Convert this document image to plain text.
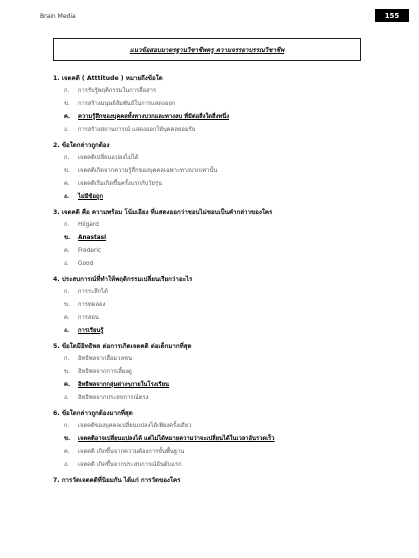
Brain Media	155
แนวข้อสอบมาตรฐานวิชาชีพครู ความจรรยาบรรณวิชาชีพ
1. เจตคติ ( Atttitude ) หมายถึงข้อใด
ก. การรับรู้พฤติกรรมในการสื่อสาร
ข. การสร้างมนุษย์สัมพันธ์ในการแสดงออก
ค. ความรู้สึกของบุคคลทั้งทางบวกและทางลบ ที่มีต่อสิ่งใดสิ่งหนึ่ง
ง. การสร้างสถานการณ์ แสดงออกให้บุคคลยอมรับ
2. ข้อใดกล่าวถูกต้อง
ก. เจตคติเปลี่ยนแปลงไม่ได้
ข. เจตคติเกิดจากความรู้สึกของบุคคลเฉพาะทางบวกเท่านั้น
ค. เจตคติเริ่มเกิดขึ้นครั้งแรกกับวัยรุ่น
ง. ไม่มีข้อถูก
3. เจตคติ คือ ความพร้อม โน้มเอียง ที่แสดงออกว่าชอบไม่ชอบเป็นคำกล่าวของใคร
ก. Hilgard
ข. Anastasi
ค. Frederic
ง. Good
4. ประสบการณ์ที่ทำให้พฤติกรรมเปลี่ยนเรียกว่าอะไร
ก. การระลึกได้
ข. การทดลอง
ค. การสอน
ง. การเรียนรู้
5. ข้อใดมีอิทธิพล ต่อการเกิดเจตคติ ต่อเด็กมากที่สุด
ก. อิทธิพลจากสื่อมวลชน
ข. อิทธิพลจากการเลี้ยงดู
ค. อิทธิพลจากกลุ่มต่างๆภายในโรงเรียน
ง. อิทธิพลจากประสบการณ์ตรง
6. ข้อใดกล่าวถูกต้องมากที่สุด
ก. เจตคติของบุคคลเปลี่ยนแปลงได้เพียงครั้งเดียว
ข. เจตคติอาจเปลี่ยนแปลงได้ แต่ไม่ได้หมายความว่าจะเปลี่ยนได้ในเวลาอันรวดเร็ว
ค. เจตคติ เกิดขึ้นจากความต้องการขั้นพื้นฐาน
ง. เจตคติ เกิดขึ้นจากประสบการณ์อันดับแรก
7. การวัดเจตคติที่นิยมกัน ได้แก่ การวัดของใคร
